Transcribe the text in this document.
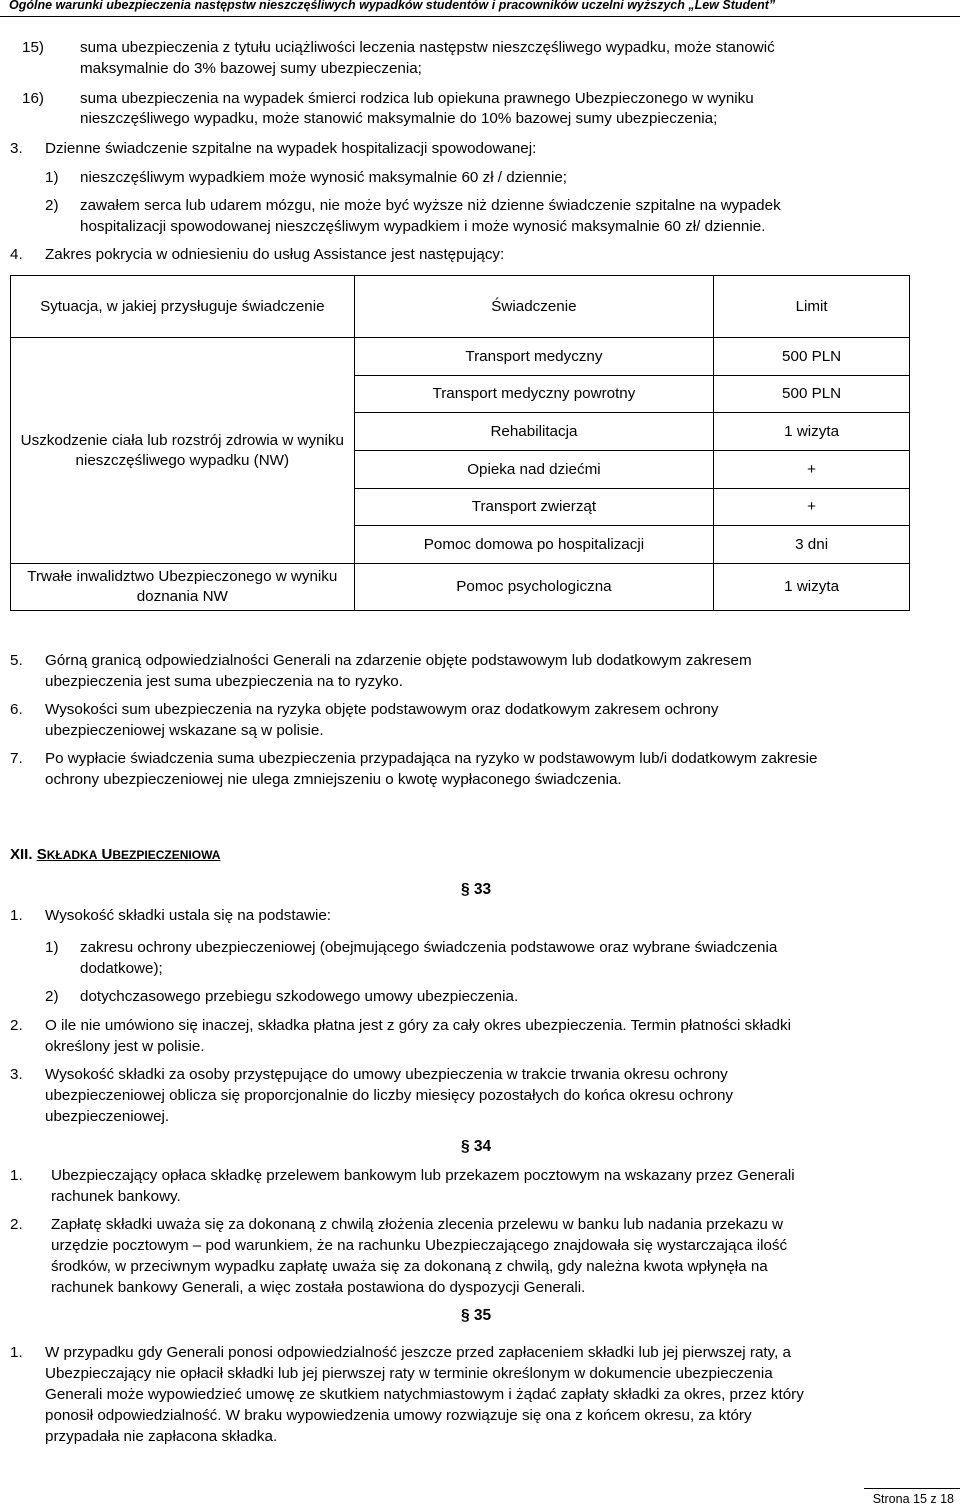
Ogólne warunki ubezpieczenia następstw nieszczęśliwych wypadków studentów i pracowników uczelni wyższych „Lew Student”
15) suma ubezpieczenia z tytułu uciążliwości leczenia następstw nieszczęśliwego wypadku, może stanowić
maksymalnie do 3% bazowej sumy ubezpieczenia;
16) suma ubezpieczenia na wypadek śmierci rodzica lub opiekuna prawnego Ubezpieczonego w wyniku
nieszczęśliwego wypadku, może stanowić maksymalnie do 10% bazowej sumy ubezpieczenia;
3. Dzienne świadczenie szpitalne na wypadek hospitalizacji spowodowanej:
1) nieszczęśliwym wypadkiem może wynosić maksymalnie 60 zł / dziennie;
2) zawałem serca lub udarem mózgu, nie może być wyższe niż dzienne świadczenie szpitalne na wypadek
hospitalizacji spowodowanej nieszczęśliwym wypadkiem i może wynosić maksymalnie 60 zł/ dziennie.
4. Zakres pokrycia w odniesieniu do usług Assistance jest następujący:
Sytuacja, w jakiej przysługuje świadczenie	Świadczenie	Limit
Uszkodzenie ciała lub rozstrój zdrowia w wyniku nieszczęśliwego wypadku (NW)	Transport medyczny	500 PLN
	Transport medyczny powrotny	500 PLN
	Rehabilitacja	1 wizyta
	Opieka nad dziećmi	+
	Transport zwierząt	+
	Pomoc domowa po hospitalizacji	3 dni
Trwałe inwalidztwo Ubezpieczonego w wyniku doznania NW	Pomoc psychologiczna	1 wizyta
5. Górną granicą odpowiedzialności Generali na zdarzenie objęte podstawowym lub dodatkowym zakresem
ubezpieczenia jest suma ubezpieczenia na to ryzyko.
6. Wysokości sum ubezpieczenia na ryzyka objęte podstawowym oraz dodatkowym zakresem ochrony
ubezpieczeniowej wskazane są w polisie.
7. Po wypłacie świadczenia suma ubezpieczenia przypadająca na ryzyko w podstawowym lub/i dodatkowym zakresie
ochrony ubezpieczeniowej nie ulega zmniejszeniu o kwotę wypłaconego świadczenia.
XII. SKŁADKA UBEZPIECZENIOWA
§ 33
1. Wysokość składki ustala się na podstawie:
1) zakresu ochrony ubezpieczeniowej (obejmującego świadczenia podstawowe oraz wybrane świadczenia
dodatkowe);
2) dotychczasowego przebiegu szkodowego umowy ubezpieczenia.
2. O ile nie umówiono się inaczej, składka płatna jest z góry za cały okres ubezpieczenia. Termin płatności składki
określony jest w polisie.
3. Wysokość składki za osoby przystępujące do umowy ubezpieczenia w trakcie trwania okresu ochrony
ubezpieczeniowej oblicza się proporcjonalnie do liczby miesięcy pozostałych do końca okresu ochrony
ubezpieczeniowej.
§ 34
1. Ubezpieczający opłaca składkę przelewem bankowym lub przekazem pocztowym na wskazany przez Generali
rachunek bankowy.
2. Zapłatę składki uważa się za dokonaną z chwilą złożenia zlecenia przelewu w banku lub nadania przekazu w
urzędzie pocztowym – pod warunkiem, że na rachunku Ubezpieczającego znajdowała się wystarczająca ilość
środków, w przeciwnym wypadku zapłatę uważa się za dokonaną z chwilą, gdy należna kwota wpłynęła na
rachunek bankowy Generali, a więc została postawiona do dyspozycji Generali.
§ 35
1. W przypadku gdy Generali ponosi odpowiedzialność jeszcze przed zapłaceniem składki lub jej pierwszej raty, a
Ubezpieczający nie opłacił składki lub jej pierwszej raty w terminie określonym w dokumencie ubezpieczenia
Generali może wypowiedzieć umowę ze skutkiem natychmiastowym i żądać zapłaty składki za okres, przez który
ponosił odpowiedzialność. W braku wypowiedzenia umowy rozwiązuje się ona z końcem okresu, za który
przypadała nie zapłacona składka.
Strona 15 z 18
